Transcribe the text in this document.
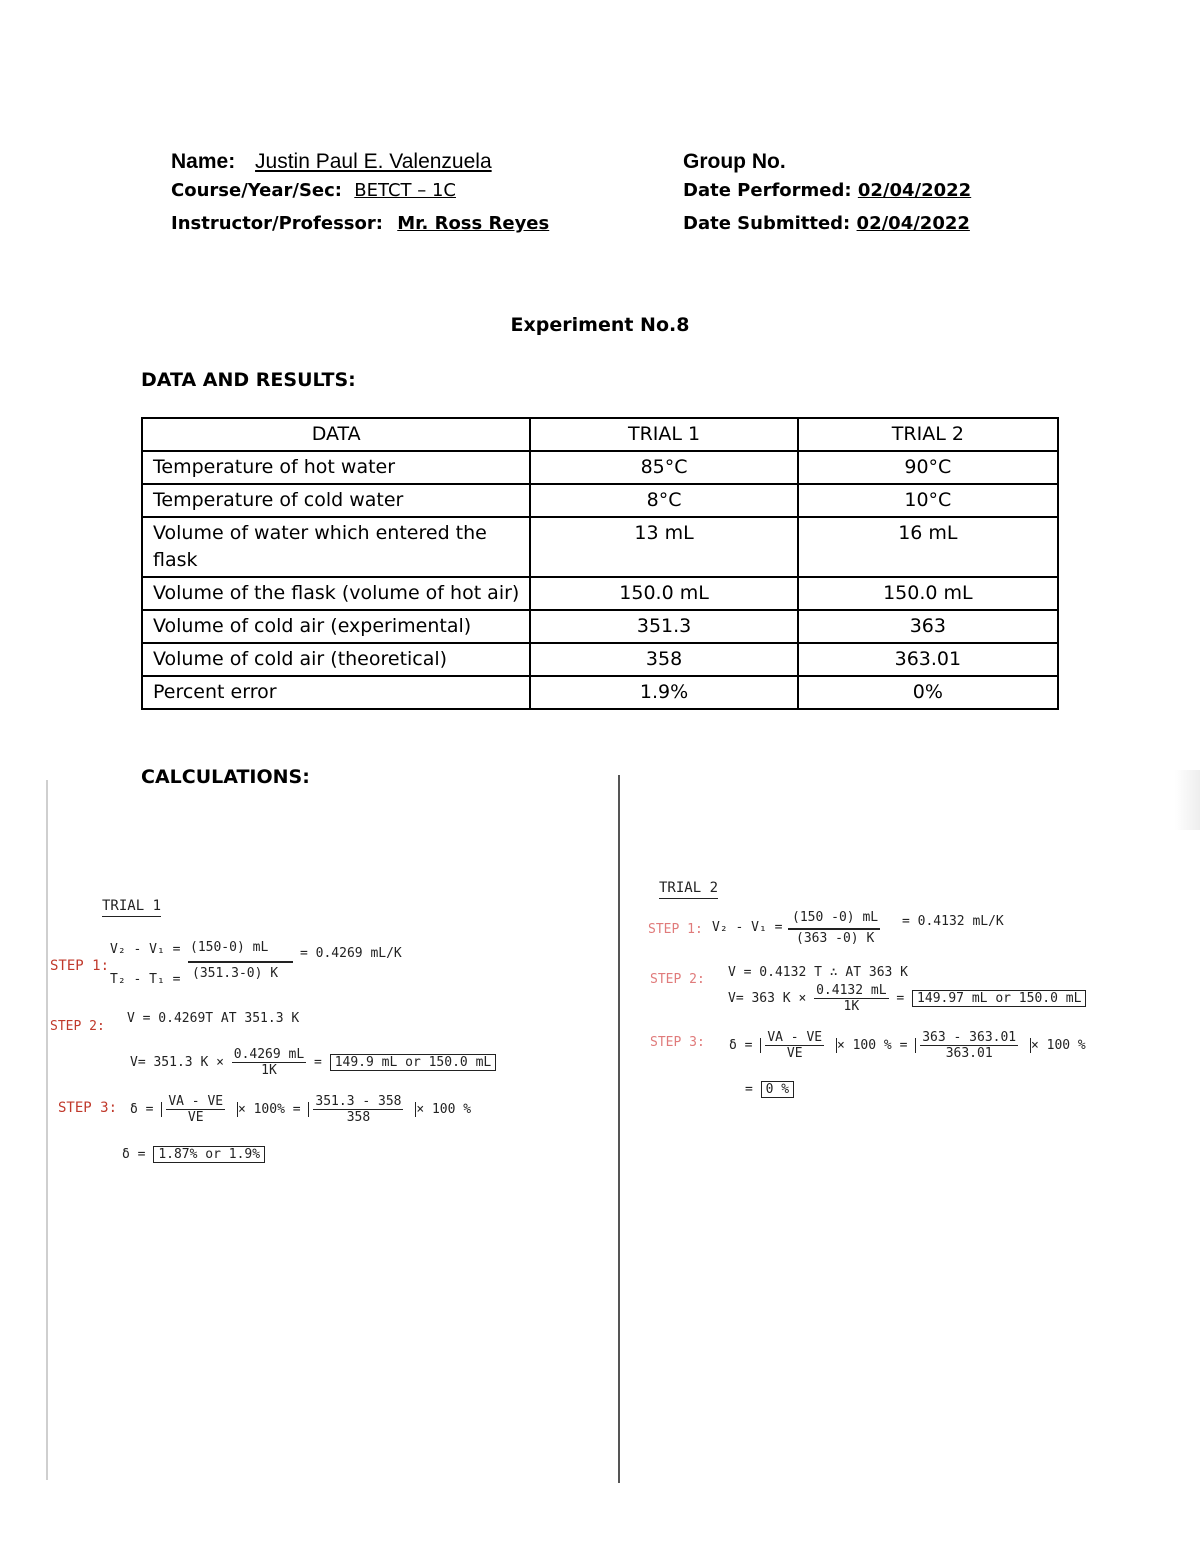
Name: Justin Paul E. Valenzuela
Course/Year/Sec: BETCT – 1C
Instructor/Professor: Mr. Ross Reyes
Group No.
Date Performed: 02/04/2022
Date Submitted: 02/04/2022
Experiment No.8
DATA AND RESULTS:
DATA	TRIAL 1	TRIAL 2
Temperature of hot water	85°C	90°C
Temperature of cold water	8°C	10°C
Volume of water which entered the flask	13 mL	16 mL
Volume of the flask (volume of hot air)	150.0 mL	150.0 mL
Volume of cold air (experimental)	351.3	363
Volume of cold air (theoretical)	358	363.01
Percent error	1.9%	0%
CALCULATIONS:
TRIAL 1
STEP 1:
V₂ - V₁ =
T₂ - T₁ =
(150-0) mL
(351.3-0) K
= 0.4269 mL/K
STEP 2:
V = 0.4269T AT 351.3 K
V= 351.3 $K \times \frac{0.4269 mL}{1K} = 149.9$ mL or 150.0 mL
STEP 3: $\delta = \frac{VA - VE}{VE} \times 100\% = \frac{351.3 - 358}{358} \times 100$ %
δ = 1.87% or 1.9%
TRIAL 2
STEP 1: V₂ - V₁ =
(150 -0) mL
(363 -0) K
= 0.4132 mL/K
STEP 2: V = 0.4132 T ∴ AT 363 K
V= 363 $K \times \frac{0.4132 mL}{1K} = 149.97$ mL or 150.0 mL
STEP 3: $\delta = \frac{VA - VE}{VE} \times 100$ % = $\frac{363 - 363.01}{363.01} \times 100$ %
= 0 %
